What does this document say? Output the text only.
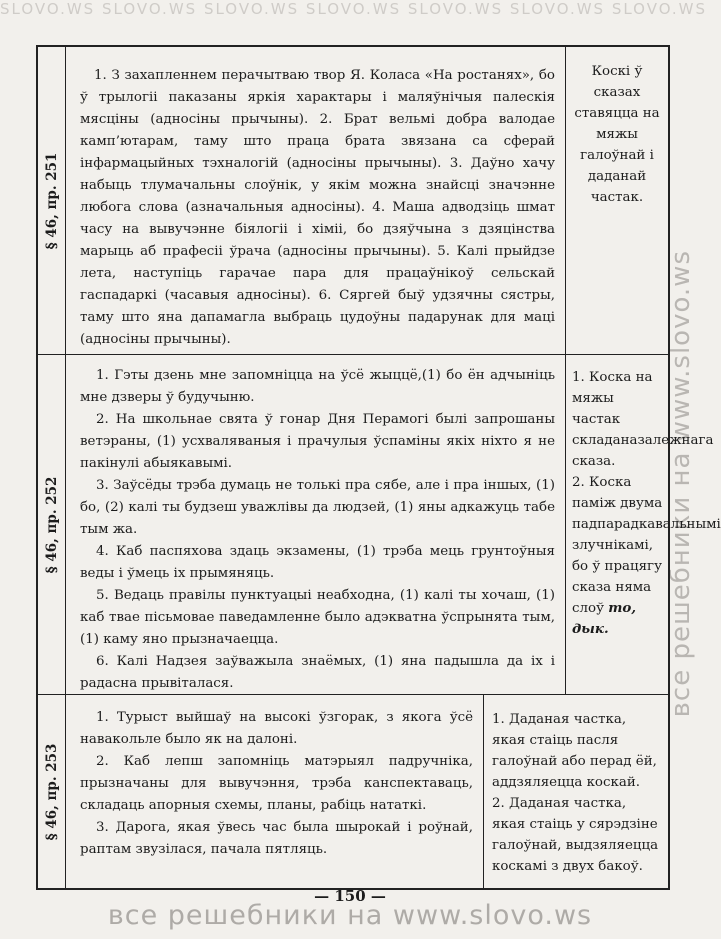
SLOVO.WS SLOVO.WS SLOVO.WS SLOVO.WS SLOVO.WS SLOVO.WS SLOVO.WS
все решебники на www.slovo.ws
§ 46, пр. 251

1. З захапленнем перачытваю твор Я. Коласа «На ростанях», бо ў трылогіі паказаны яркія характары і маляўнічыя палескія мясціны (адносіны прычыны). 2. Брат вельмі добра валодае камп’ютарам, таму што праца брата звязана са сферай інфармацыйных тэхналогій (адносіны прычыны). 3. Даўно хачу набыць тлумачальны слоўнік, у якім можна знайсці значэнне любога слова (азначальныя адносіны). 4. Маша адводзіць шмат часу на вывучэнне біялогіі і хіміі, бо дзяўчына з дзяцінства марыць аб прафесіі ўрача (адносіны прычыны). 5. Калі прыйдзе лета, наступіць гарачае пара для працаўнікоў сельскай гаспадаркі (часавыя адносіны). 6. Сяргей быў удзячны сястры, таму што яна дапамагла выбраць цудоўны падарунак для маці (адносіны прычыны).

Коскі ў сказах ставяцца на мяжы галоўнай і даданай частак.

§ 46, пр. 252

1. Гэты дзень мне запомніцца на ўсё жыццё,(1) бо ён адчыніць мне дзверы ў будучыню.

2. На школьнае свята ў гонар Дня Перамогі былі запрошаны ветэраны, (1) усхваляваныя і прачулыя ўспаміны якіх ніхто я не пакінулі абыякавымі.

3. Заўсёды трэба думаць не толькі пра сябе, але і пра іншых, (1) бо, (2) калі ты будзеш уважлівы да людзей, (1) яны адкажуць табе тым жа.

4. Каб паспяхова здаць экзамены, (1) трэба мець грунтоўныя веды і ўмець іх прымяняць.

5. Ведаць правілы пунктуацыі неабходна, (1) калі ты хочаш, (1) каб твае пісьмовае паведамленне было адэкватна ўспрынята тым, (1) каму яно прызначаецца.

6. Калі Надзея заўважыла знаёмых, (1) яна падышла да іх і радасна прывіталася.

1. Коска на мяжы частак складаназалежнага сказа.

2. Коска паміж двума падпарадкавальнымі злучнікамі, бо ў працягу сказа няма слоў то, дык.

§ 46, пр. 253

1. Турыст выйшаў на высокі ўзгорак, з якога ўсё навакольле было як на далоні.

2. Каб лепш запомніць матэрыял падручніка, прызначаны для вывучэння, трэба канспектаваць, складаць апорныя схемы, планы, рабіць нататкі.

3. Дарога, якая ўвесь час была шырокай і роўнай, раптам звузілася, пачала пятляць.

1. Даданая частка, якая стаіць пасля галоўнай або перад ёй, аддзяляецца коскай.

2. Даданая частка, якая стаіць у сярэдзіне галоўнай, выдзяляецца коскамі з двух бакоў.

— 150 —
все решебники на www.slovo.ws
